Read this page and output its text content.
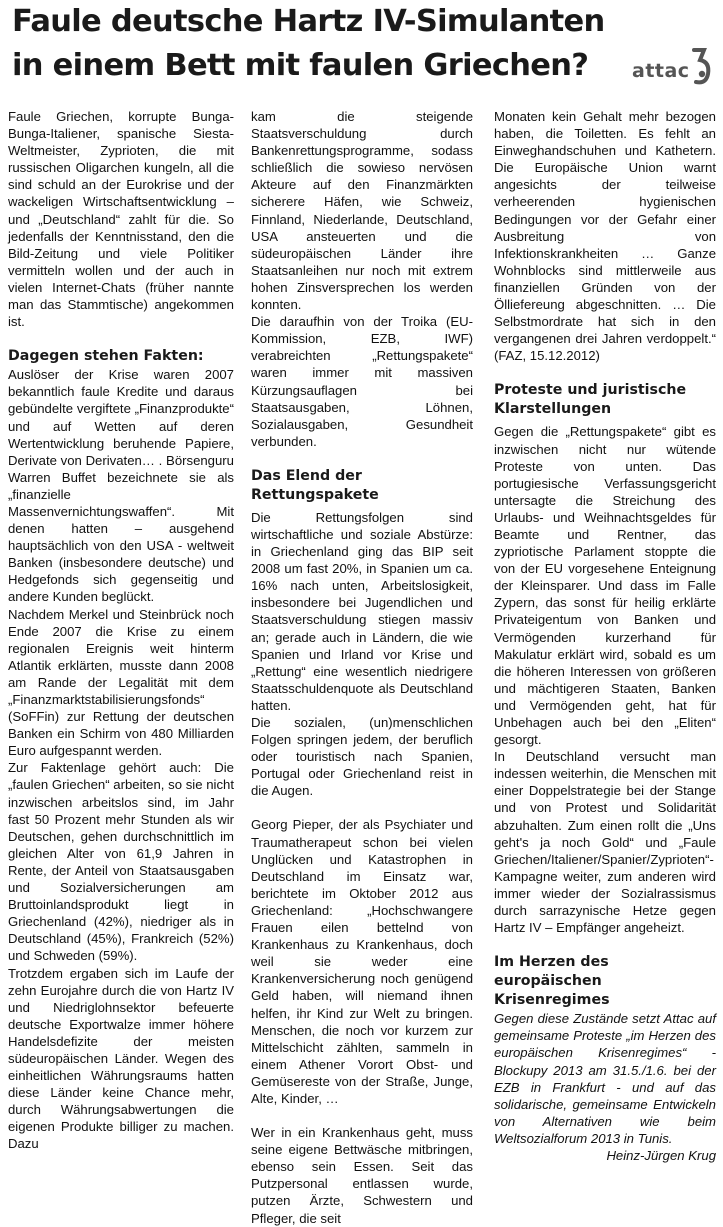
Faule deutsche Hartz IV-Simulanten in einem Bett mit faulen Griechen?	attac

Faule Griechen, korrupte Bunga-Bunga-Italiener, spanische Siesta-Weltmeister, Zyprioten, die mit russischen Oligarchen kungeln, all die sind schuld an der Eurokrise und der wackeligen Wirtschaftsentwicklung – und „Deutschland“ zahlt für die. So jedenfalls der Kenntnisstand, den die Bild-Zeitung und viele Politiker vermitteln wollen und der auch in vielen Internet-Chats (früher nannte man das Stammtische) angekommen ist.

Dagegen stehen Fakten:

Auslöser der Krise waren 2007 bekanntlich faule Kredite und daraus gebündelte vergiftete „Finanzprodukte“ und auf Wetten auf deren Wertentwicklung beruhende Papiere, Derivate von Derivaten… . Börsenguru Warren Buffet bezeichnete sie als „finanzielle Massenvernichtungswaffen“. Mit denen hatten – ausgehend hauptsächlich von den USA - weltweit Banken (insbesondere deutsche) und Hedgefonds sich gegenseitig und andere Kunden beglückt.

Nachdem Merkel und Steinbrück noch Ende 2007 die Krise zu einem regionalen Ereignis weit hinterm Atlantik erklärten, musste dann 2008 am Rande der Legalität mit dem „Finanzmarktstabilisierungsfonds“ (SoFFin) zur Rettung der deutschen Banken ein Schirm von 480 Milliarden Euro aufgespannt werden.

Zur Faktenlage gehört auch: Die „faulen Griechen“ arbeiten, so sie nicht inzwischen arbeitslos sind, im Jahr fast 50 Prozent mehr Stunden als wir Deutschen, gehen durchschnittlich im gleichen Alter von 61,9 Jahren in Rente, der Anteil von Staatsausgaben und Sozialversicherungen am Bruttoinlandsprodukt liegt in Griechenland (42%), niedriger als in Deutschland (45%), Frankreich (52%) und Schweden (59%).

Trotzdem ergaben sich im Laufe der zehn Eurojahre durch die von Hartz IV und Niedriglohnsektor befeuerte deutsche Exportwalze immer höhere Handelsdefizite der meisten südeuropäischen Länder. Wegen des einheitlichen Währungsraums hatten diese Länder keine Chance mehr, durch Währungsabwertungen die eigenen Produkte billiger zu machen. Dazu

kam die steigende Staatsverschuldung durch Bankenrettungsprogramme, sodass schließlich die sowieso nervösen Akteure auf den Finanzmärkten sicherere Häfen, wie Schweiz, Finnland, Niederlande, Deutschland, USA ansteuerten und die südeuropäischen Länder ihre Staatsanleihen nur noch mit extrem hohen Zinsversprechen los werden konnten.

Die daraufhin von der Troika (EU-Kommission, EZB, IWF) verabreichten „Rettungspakete“ waren immer mit massiven Kürzungsauflagen bei Staatsausgaben, Löhnen, Sozialausgaben, Gesundheit verbunden.

Das Elend der Rettungspakete

Die Rettungsfolgen sind wirtschaftliche und soziale Abstürze: in Griechenland ging das BIP seit 2008 um fast 20%, in Spanien um ca. 16% nach unten, Arbeitslosigkeit, insbesondere bei Jugendlichen und Staatsverschuldung stiegen massiv an; gerade auch in Ländern, die wie Spanien und Irland vor Krise und „Rettung“ eine wesentlich niedrigere Staatsschuldenquote als Deutschland hatten.

Die sozialen, (un)menschlichen Folgen springen jedem, der beruflich oder touristisch nach Spanien, Portugal oder Griechenland reist in die Augen.

Georg Pieper, der als Psychiater und Traumatherapeut schon bei vielen Unglücken und Katastrophen in Deutschland im Einsatz war, berichtete im Oktober 2012 aus Griechenland: „Hochschwangere Frauen eilen bettelnd von Krankenhaus zu Krankenhaus, doch weil sie weder eine Krankenversicherung noch genügend Geld haben, will niemand ihnen helfen, ihr Kind zur Welt zu bringen. Menschen, die noch vor kurzem zur Mittelschicht zählten, sammeln in einem Athener Vorort Obst- und Gemüsereste von der Straße, Junge, Alte, Kinder, …

Wer in ein Krankenhaus geht, muss seine eigene Bettwäsche mitbringen, ebenso sein Essen. Seit das Putzpersonal entlassen wurde, putzen Ärzte, Schwestern und Pfleger, die seit

Monaten kein Gehalt mehr bezogen haben, die Toiletten. Es fehlt an Einweghandschuhen und Kathetern. Die Europäische Union warnt angesichts der teilweise verheerenden hygienischen Bedingungen vor der Gefahr einer Ausbreitung von Infektionskrankheiten … Ganze Wohnblocks sind mittlerweile aus finanziellen Gründen von der Ölliefereung abgeschnitten. … Die Selbstmordrate hat sich in den vergangenen drei Jahren verdoppelt.“ (FAZ, 15.12.2012)

Proteste und juristische Klarstellungen

Gegen die „Rettungspakete“ gibt es inzwischen nicht nur wütende Proteste von unten. Das portugiesische Verfassungsgericht untersagte die Streichung des Urlaubs- und Weihnachtsgeldes für Beamte und Rentner, das zypriotische Parlament stoppte die von der EU vorgesehene Enteignung der Kleinsparer. Und dass im Falle Zypern, das sonst für heilig erklärte Privateigentum von Banken und Vermögenden kurzerhand für Makulatur erklärt wird, sobald es um die höheren Interessen von größeren und mächtigeren Staaten, Banken und Vermögenden geht, hat für Unbehagen auch bei den „Eliten“ gesorgt.

In Deutschland versucht man indessen weiterhin, die Menschen mit einer Doppelstrategie bei der Stange und von Protest und Solidarität abzuhalten. Zum einen rollt die „Uns geht's ja noch Gold“ und „Faule Griechen/Italiener/Spanier/Zyprioten“-Kampagne weiter, zum anderen wird immer wieder der Sozialrassismus durch sarrazynische Hetze gegen Hartz IV – Empfänger angeheizt.

Im Herzen des europäischen Krisenregimes

Gegen diese Zustände setzt Attac auf gemeinsame Proteste „im Herzen des europäischen Krisenregimes“ - Blockupy 2013 am 31.5./1.6. bei der EZB in Frankfurt - und auf das solidarische, gemeinsame Entwickeln von Alternativen wie beim Weltsozialforum 2013 in Tunis.

Heinz-Jürgen Krug
